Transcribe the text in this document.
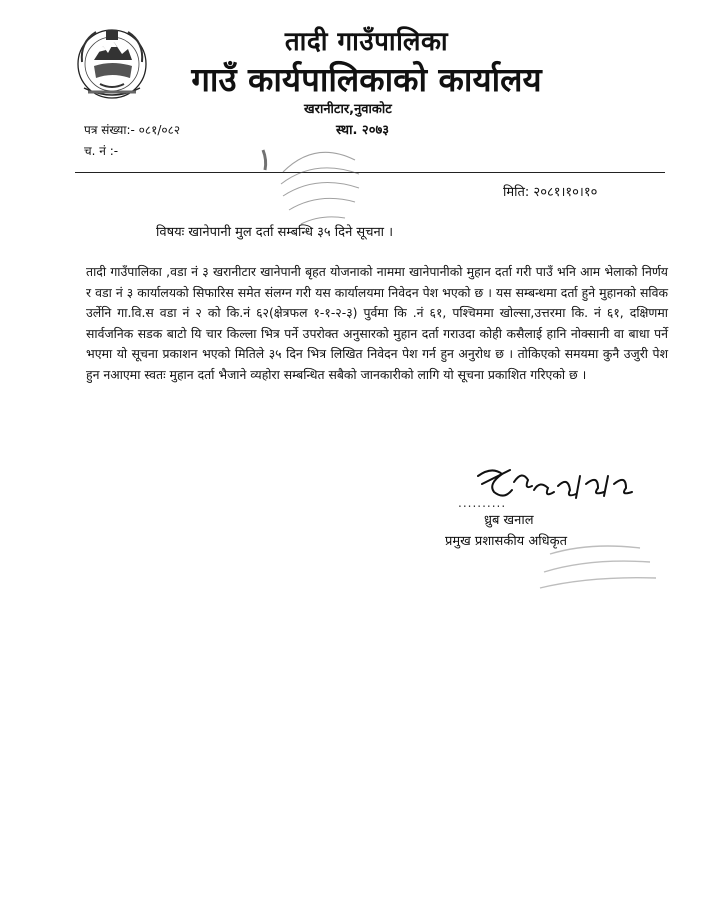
तादी गाउँपालिका
गाउँ कार्यपालिकाको कार्यालय
खरानीटार,नुवाकोट
पत्र संख्या:- ०८१/०८२	स्था. २०७३
च. नं :-
मिति: २०८१।१०।१०
विषयः खानेपानी मुल दर्ता सम्बन्धि ३५ दिने सूचना ।
तादी गाउँपालिका ,वडा नं ३ खरानीटार खानेपानी बृहत योजनाको नाममा खानेपानीको मुहान दर्ता गरी पाउँ भनि आम भेलाको निर्णय र वडा नं ३ कार्यालयको सिफारिस समेत संलग्न गरी यस कार्यालयमा निवेदन पेश भएको छ । यस सम्बन्धमा दर्ता हुने मुहानको सविक उर्लेनि गा.वि.स वडा नं २ को कि.नं ६२(क्षेत्रफल १-१-२-३) पुर्वमा कि .नं ६१, पश्चिममा खोल्सा,उत्तरमा कि. नं ६१, दक्षिणमा सार्वजनिक सडक बाटो यि चार किल्ला भित्र पर्ने उपरोक्त अनुसारको मुहान दर्ता गराउदा कोही कसैलाई हानि नोक्सानी वा बाधा पर्ने भएमा यो सूचना प्रकाशन भएको मितिले ३५ दिन भित्र लिखित निवेदन पेश गर्न हुन अनुरोध छ । तोकिएको समयमा कुनै उजुरी पेश हुन नआएमा स्वतः मुहान दर्ता भैजाने व्यहोरा सम्बन्धित सबैको जानकारीको लागि यो सूचना प्रकाशित गरिएको छ ।
..........
ध्रुब खनाल
प्रमुख प्रशासकीय अधिकृत
